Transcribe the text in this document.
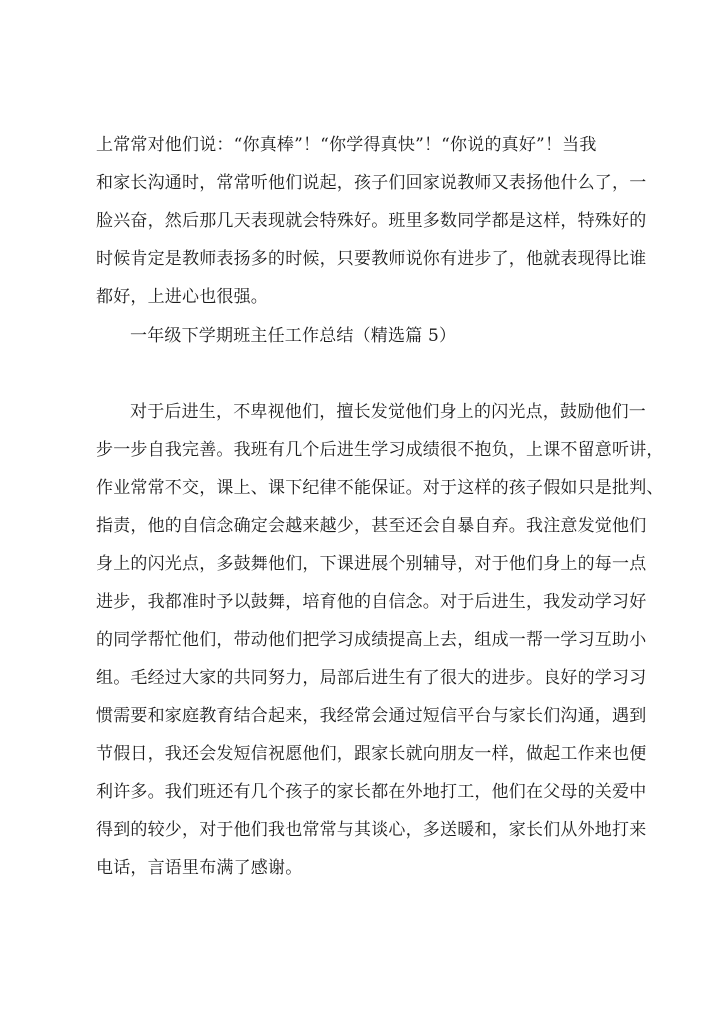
上常常对他们说：“你真棒”！“你学得真快”！“你说的真好”！当我
和家长沟通时，常常听他们说起，孩子们回家说教师又表扬他什么了，一
脸兴奋，然后那几天表现就会特殊好。班里多数同学都是这样，特殊好的
时候肯定是教师表扬多的时候，只要教师说你有进步了，他就表现得比谁
都好，上进心也很强。
一年级下学期班主任工作总结（精选篇 5）
对于后进生，不卑视他们，擅长发觉他们身上的闪光点，鼓励他们一
步一步自我完善。我班有几个后进生学习成绩很不抱负，上课不留意听讲，
作业常常不交，课上、课下纪律不能保证。对于这样的孩子假如只是批判、
指责，他的自信念确定会越来越少，甚至还会自暴自弃。我注意发觉他们
身上的闪光点，多鼓舞他们，下课进展个别辅导，对于他们身上的每一点
进步，我都准时予以鼓舞，培育他的自信念。对于后进生，我发动学习好
的同学帮忙他们，带动他们把学习成绩提高上去，组成一帮一学习互助小
组。毛经过大家的共同努力，局部后进生有了很大的进步。良好的学习习
惯需要和家庭教育结合起来，我经常会通过短信平台与家长们沟通，遇到
节假日，我还会发短信祝愿他们，跟家长就向朋友一样，做起工作来也便
利许多。我们班还有几个孩子的家长都在外地打工，他们在父母的关爱中
得到的较少，对于他们我也常常与其谈心，多送暖和，家长们从外地打来
电话，言语里布满了感谢。
